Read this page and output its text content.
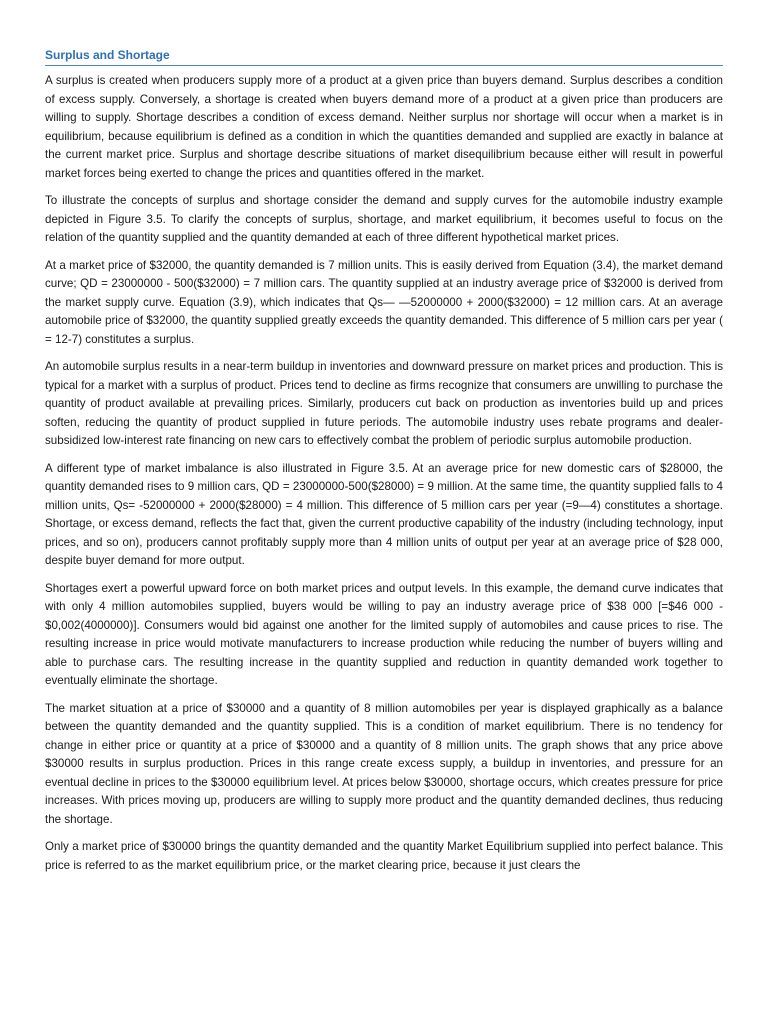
Surplus and Shortage

A surplus is created when producers supply more of a product at a given price than buyers demand. Surplus describes a condition of excess supply. Conversely, a shortage is created when buyers demand more of a product at a given price than producers are willing to supply. Shortage describes a condition of excess demand. Neither surplus nor shortage will occur when a market is in equilibrium, because equilibrium is defined as a condition in which the quantities demanded and supplied are exactly in balance at the current market price. Surplus and shortage describe situations of market disequilibrium because either will result in powerful market forces being exerted to change the prices and quantities offered in the market.

To illustrate the concepts of surplus and shortage consider the demand and supply curves for the automobile industry example depicted in Figure 3.5. To clarify the concepts of surplus, shortage, and market equilibrium, it becomes useful to focus on the relation of the quantity supplied and the quantity demanded at each of three different hypothetical market prices.

At a market price of $32000, the quantity demanded is 7 million units. This is easily derived from Equation (3.4), the market demand curve; QD = 23000000 - 500($32000) = 7 million cars. The quantity supplied at an industry average price of $32000 is derived from the market supply curve. Equation (3.9), which indicates that Qs— —52000000 + 2000($32000) = 12 million cars. At an average automobile price of $32000, the quantity supplied greatly exceeds the quantity demanded. This difference of 5 million cars per year ( = 12-7) constitutes a surplus.

An automobile surplus results in a near-term buildup in inventories and downward pressure on market prices and production. This is typical for a market with a surplus of product. Prices tend to decline as firms recognize that consumers are unwilling to purchase the quantity of product available at prevailing prices. Similarly, producers cut back on production as inventories build up and prices soften, reducing the quantity of product supplied in future periods. The automobile industry uses rebate programs and dealer-subsidized low-interest rate financing on new cars to effectively combat the problem of periodic surplus automobile production.

A different type of market imbalance is also illustrated in Figure 3.5. At an average price for new domestic cars of $28000, the quantity demanded rises to 9 million cars, QD = 23000000-500($28000) = 9 million. At the same time, the quantity supplied falls to 4 million units, Qs= -52000000 + 2000($28000) = 4 million. This difference of 5 million cars per year (=9—4) constitutes a shortage. Shortage, or excess demand, reflects the fact that, given the current productive capability of the industry (including technology, input prices, and so on), producers cannot profitably supply more than 4 million units of output per year at an average price of $28 000, despite buyer demand for more output.

Shortages exert a powerful upward force on both market prices and output levels. In this example, the demand curve indicates that with only 4 million automobiles supplied, buyers would be willing to pay an industry average price of $38 000 [=$46 000 - $0,002(4000000)]. Consumers would bid against one another for the limited supply of automobiles and cause prices to rise. The resulting increase in price would motivate manufacturers to increase production while reducing the number of buyers willing and able to purchase cars. The resulting increase in the quantity supplied and reduction in quantity demanded work together to eventually eliminate the shortage.

The market situation at a price of $30000 and a quantity of 8 million automobiles per year is displayed graphically as a balance between the quantity demanded and the quantity supplied. This is a condition of market equilibrium. There is no tendency for change in either price or quantity at a price of $30000 and a quantity of 8 million units. The graph shows that any price above $30000 results in surplus production. Prices in this range create excess supply, a buildup in inventories, and pressure for an eventual decline in prices to the $30000 equilibrium level. At prices below $30000, shortage occurs, which creates pressure for price increases. With prices moving up, producers are willing to supply more product and the quantity demanded declines, thus reducing the shortage.

Only a market price of $30000 brings the quantity demanded and the quantity Market Equilibrium supplied into perfect balance. This price is referred to as the market equilibrium price, or the market clearing price, because it just clears the
